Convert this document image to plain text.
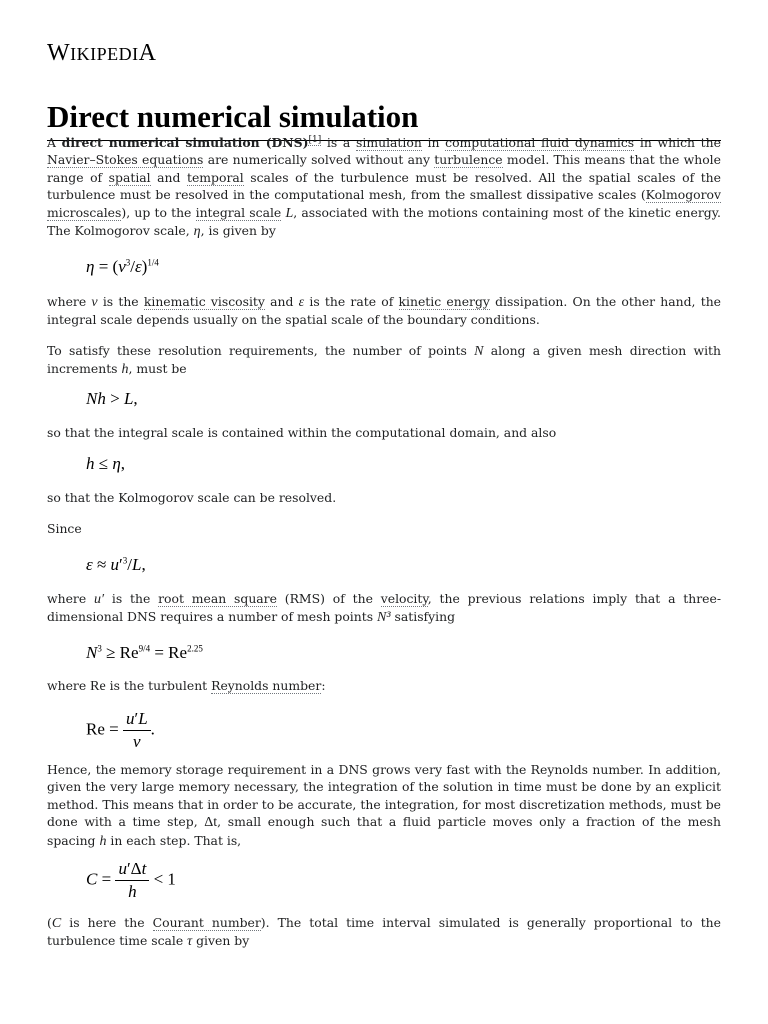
WIKIPEDIA
Direct numerical simulation
A direct numerical simulation (DNS)[1] is a simulation in computational fluid dynamics in which the Navier–Stokes equations are numerically solved without any turbulence model. This means that the whole range of spatial and temporal scales of the turbulence must be resolved. All the spatial scales of the turbulence must be resolved in the computational mesh, from the smallest dissipative scales (Kolmogorov microscales), up to the integral scale L, associated with the motions containing most of the kinetic energy. The Kolmogorov scale, η, is given by
$\eta = (\nu^3/\varepsilon)^{1/4}$
where ν is the kinematic viscosity and ε is the rate of kinetic energy dissipation. On the other hand, the integral scale depends usually on the spatial scale of the boundary conditions.
To satisfy these resolution requirements, the number of points N along a given mesh direction with increments h, must be
Nh > L,
so that the integral scale is contained within the computational domain, and also
h ≤ η,
so that the Kolmogorov scale can be resolved.
Since
$\varepsilon \approx u'^3/L$,
where u′ is the root mean square (RMS) of the velocity, the previous relations imply that a three-dimensional DNS requires a number of mesh points N³ satisfying
$N^3 \ge Re^{9/4} = Re^{2.25}$
where Re is the turbulent Reynolds number:
$Re = \frac{u'L}{\nu}$ .
Hence, the memory storage requirement in a DNS grows very fast with the Reynolds number. In addition, given the very large memory necessary, the integration of the solution in time must be done by an explicit method. This means that in order to be accurate, the integration, for most discretization methods, must be done with a time step, Δt, small enough such that a fluid particle moves only a fraction of the mesh spacing h in each step. That is,
$C = \frac{u'\Delta t}{h} < 1$
(C is here the Courant number). The total time interval simulated is generally proportional to the turbulence time scale τ given by
